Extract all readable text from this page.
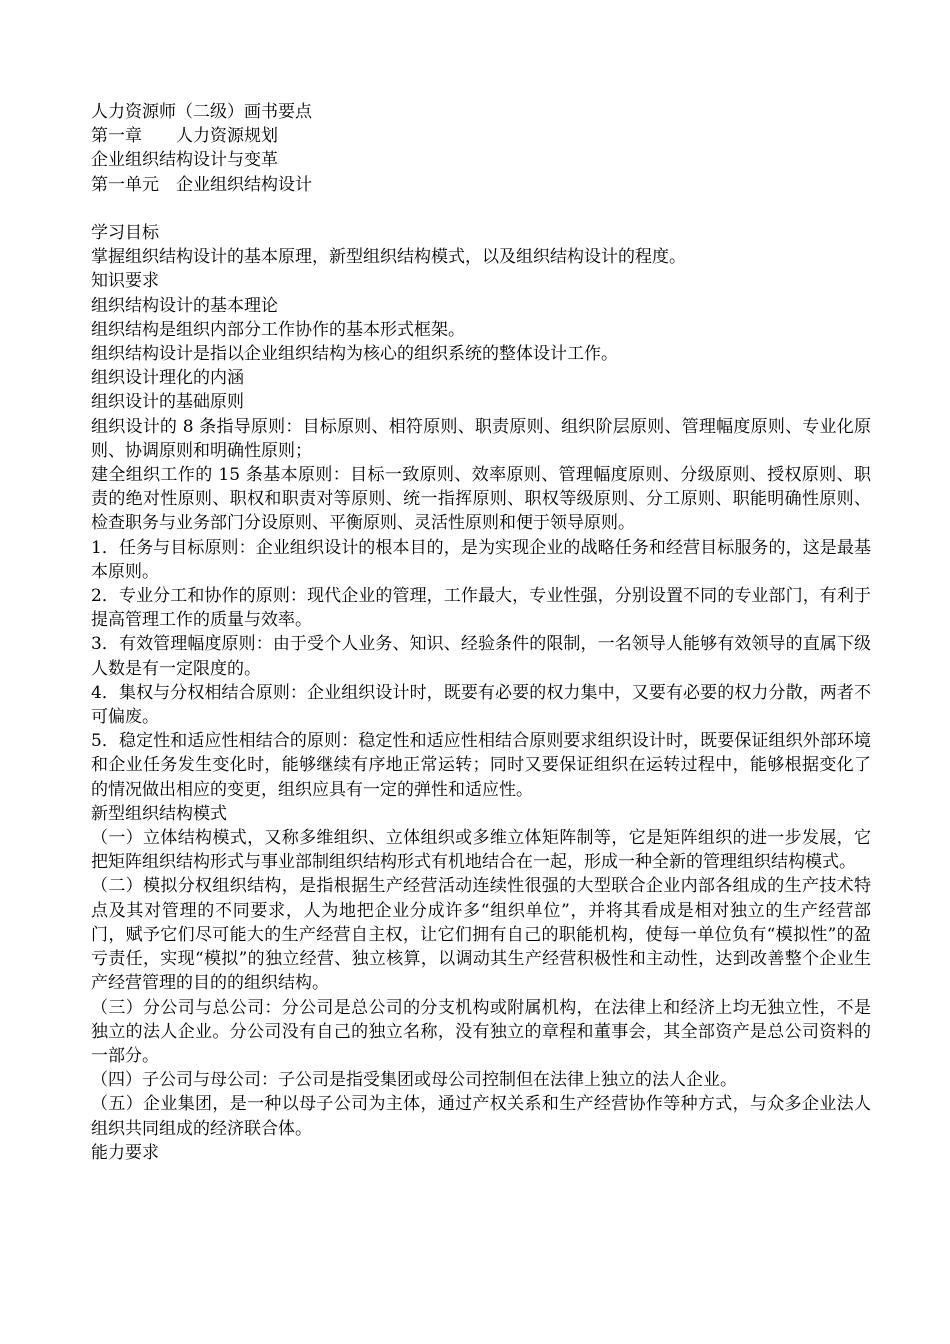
人力资源师（二级）画书要点
第一章　　人力资源规划
企业组织结构设计与变革
第一单元　企业组织结构设计
学习目标
掌握组织结构设计的基本原理，新型组织结构模式，以及组织结构设计的程度。
知识要求
组织结构设计的基本理论
组织结构是组织内部分工作协作的基本形式框架。
组织结构设计是指以企业组织结构为核心的组织系统的整体设计工作。
组织设计理化的内涵
组织设计的基础原则
组织设计的 8 条指导原则：目标原则、相符原则、职责原则、组织阶层原则、管理幅度原则、专业化原则、协调原则和明确性原则；
建全组织工作的 15 条基本原则：目标一致原则、效率原则、管理幅度原则、分级原则、授权原则、职责的绝对性原则、职权和职责对等原则、统一指挥原则、职权等级原则、分工原则、职能明确性原则、检查职务与业务部门分设原则、平衡原则、灵活性原则和便于领导原则。
1．任务与目标原则：企业组织设计的根本目的，是为实现企业的战略任务和经营目标服务的，这是最基本原则。
2．专业分工和协作的原则：现代企业的管理，工作最大，专业性强，分别设置不同的专业部门，有利于提高管理工作的质量与效率。
3．有效管理幅度原则：由于受个人业务、知识、经验条件的限制，一名领导人能够有效领导的直属下级人数是有一定限度的。
4．集权与分权相结合原则：企业组织设计时，既要有必要的权力集中，又要有必要的权力分散，两者不可偏废。
5．稳定性和适应性相结合的原则：稳定性和适应性相结合原则要求组织设计时，既要保证组织外部环境和企业任务发生变化时，能够继续有序地正常运转；同时又要保证组织在运转过程中，能够根据变化了的情况做出相应的变更，组织应具有一定的弹性和适应性。
新型组织结构模式
（一）立体结构模式，又称多维组织、立体组织或多维立体矩阵制等，它是矩阵组织的进一步发展，它把矩阵组织结构形式与事业部制组织结构形式有机地结合在一起，形成一种全新的管理组织结构模式。
（二）模拟分权组织结构，是指根据生产经营活动连续性很强的大型联合企业内部各组成的生产技术特点及其对管理的不同要求，人为地把企业分成许多“组织单位”，并将其看成是相对独立的生产经营部门，赋予它们尽可能大的生产经营自主权，让它们拥有自己的职能机构，使每一单位负有“模拟性”的盈亏责任，实现“模拟”的独立经营、独立核算，以调动其生产经营积极性和主动性，达到改善整个企业生产经营管理的目的的组织结构。
（三）分公司与总公司：分公司是总公司的分支机构或附属机构，在法律上和经济上均无独立性，不是独立的法人企业。分公司没有自己的独立名称，没有独立的章程和董事会，其全部资产是总公司资料的一部分。
（四）子公司与母公司：子公司是指受集团或母公司控制但在法律上独立的法人企业。
（五）企业集团，是一种以母子公司为主体，通过产权关系和生产经营协作等种方式，与众多企业法人组织共同组成的经济联合体。
能力要求
